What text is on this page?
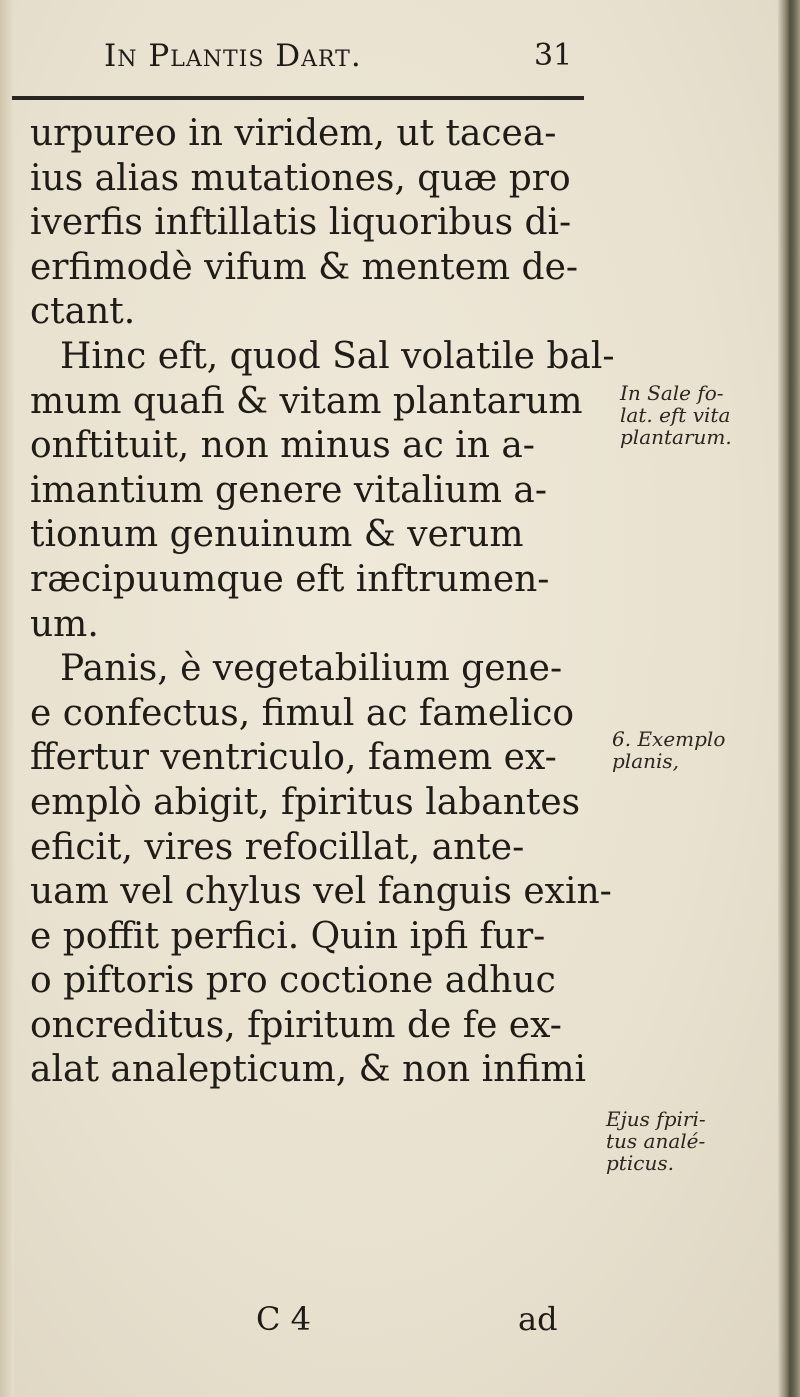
In Plantis Dart.	31
urpureo in viridem, ut tacea-
ius alias mutationes, quæ pro
iverfis inftillatis liquoribus di-
erfimodè vifum & mentem de-
ctant.
Hinc eft, quod Sal volatile bal-
mum quafi & vitam plantarum
onftituit, non minus ac in a-
imantium genere vitalium a-
tionum genuinum & verum
ræcipuumque eft inftrumen-
um.
Panis, è vegetabilium gene-
e confectus, fimul ac famelico
ffertur ventriculo, famem ex-
emplò abigit, fpiritus labantes
eficit, vires refocillat, ante-
uam vel chylus vel fanguis exin-
e poffit perfici. Quin ipfi fur-
o piftoris pro coctione adhuc
oncreditus, fpiritum de fe ex-
alat analepticum, & non infimi
In Sale fo-
lat. eft vita
plantarum.
6. Exemplo
planis,
Ejus fpiri-
tus analé-
pticus.
C 4	ad
